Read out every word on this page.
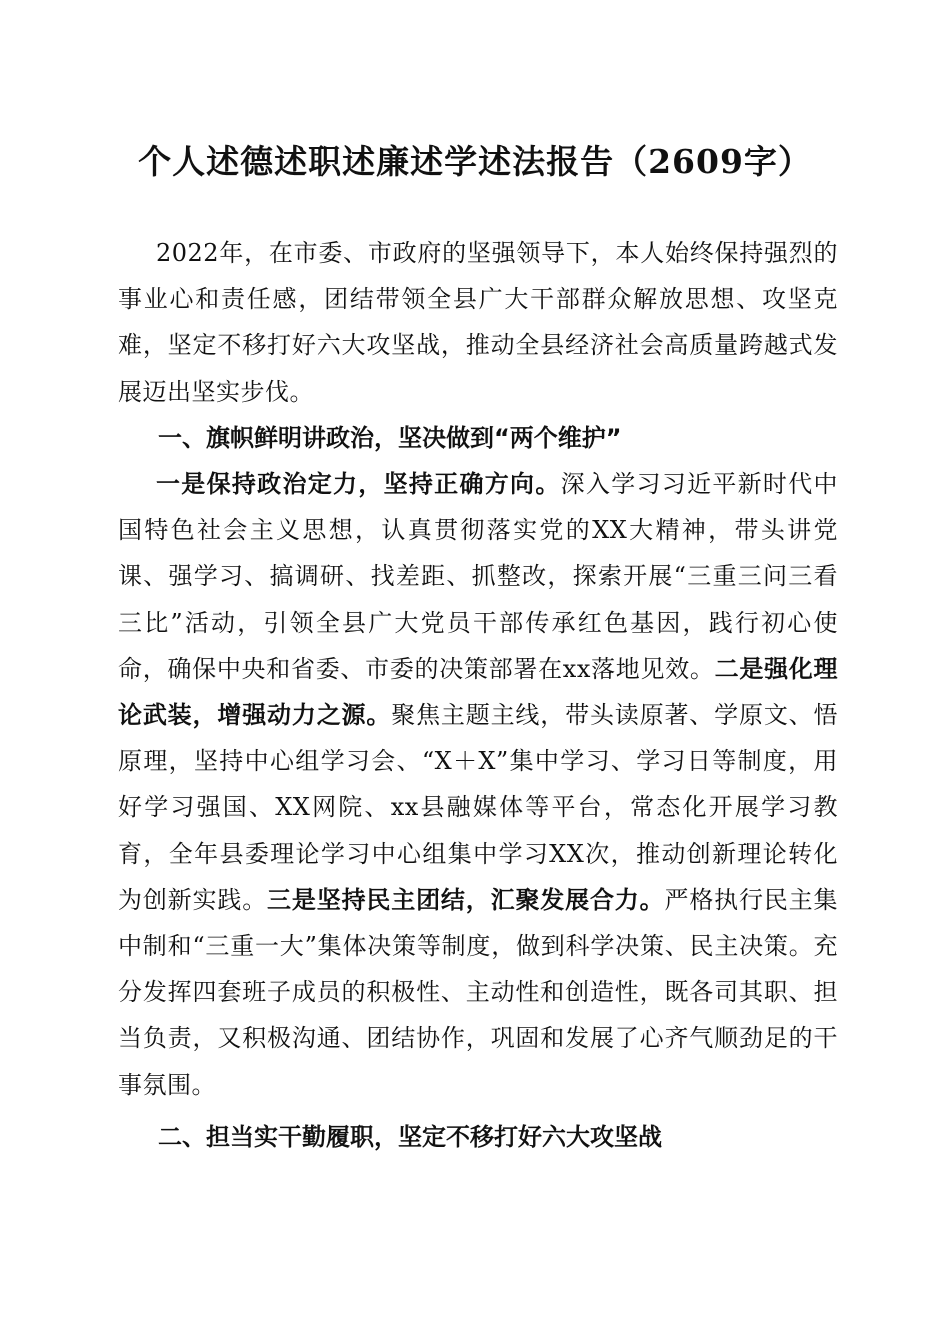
个人述德述职述廉述学述法报告（2609字）

2022年，在市委、市政府的坚强领导下，本人始终保持强烈的事业心和责任感，团结带领全县广大干部群众解放思想、攻坚克难，坚定不移打好六大攻坚战，推动全县经济社会高质量跨越式发展迈出坚实步伐。

一、旗帜鲜明讲政治，坚决做到“两个维护”

一是保持政治定力，坚持正确方向。深入学习习近平新时代中国特色社会主义思想，认真贯彻落实党的XX大精神，带头讲党课、强学习、搞调研、找差距、抓整改，探索开展“三重三问三看三比”活动，引领全县广大党员干部传承红色基因，践行初心使命，确保中央和省委、市委的决策部署在xx落地见效。二是强化理论武装，增强动力之源。聚焦主题主线，带头读原著、学原文、悟原理，坚持中心组学习会、“X＋X”集中学习、学习日等制度，用好学习强国、XX网院、xx县融媒体等平台，常态化开展学习教育，全年县委理论学习中心组集中学习XX次，推动创新理论转化为创新实践。三是坚持民主团结，汇聚发展合力。严格执行民主集中制和“三重一大”集体决策等制度，做到科学决策、民主决策。充分发挥四套班子成员的积极性、主动性和创造性，既各司其职、担当负责，又积极沟通、团结协作，巩固和发展了心齐气顺劲足的干事氛围。

二、担当实干勤履职，坚定不移打好六大攻坚战
